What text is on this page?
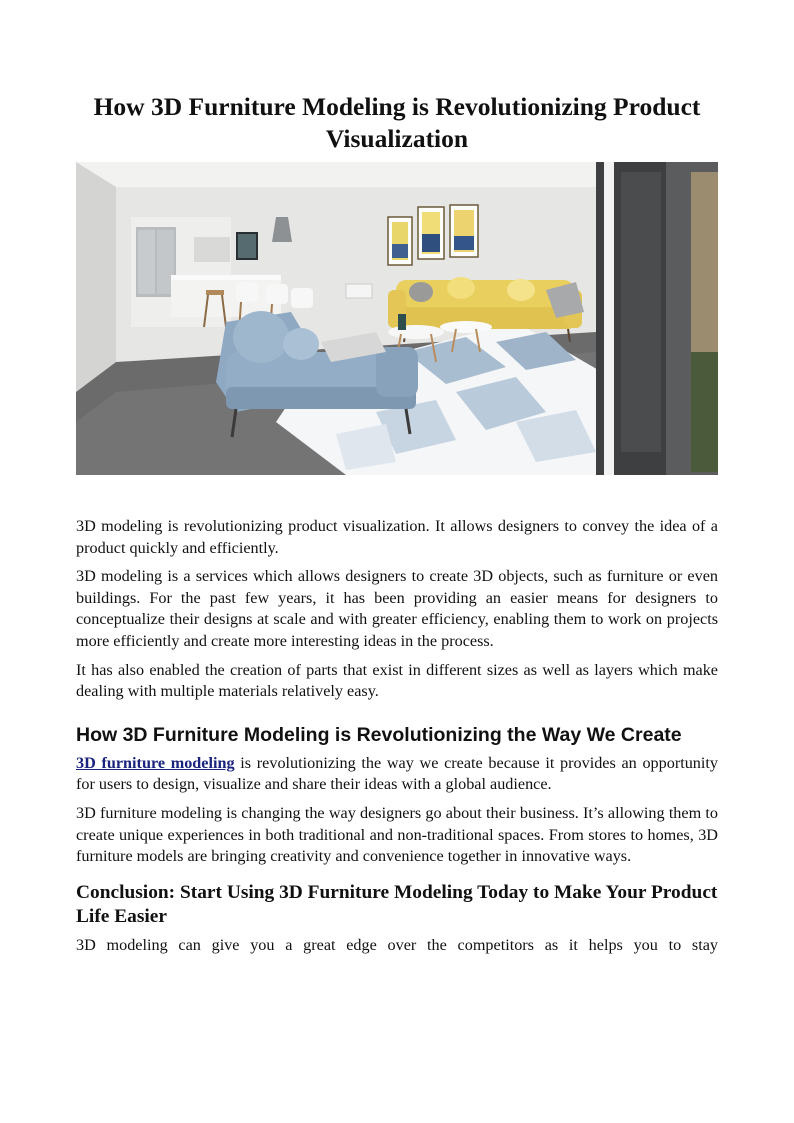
How 3D Furniture Modeling is Revolutionizing Product Visualization

3D modeling is revolutionizing product visualization. It allows designers to convey the idea of a product quickly and efficiently.

3D modeling is a services which allows designers to create 3D objects, such as furniture or even buildings. For the past few years, it has been providing an easier means for designers to conceptualize their designs at scale and with greater efficiency, enabling them to work on projects more efficiently and create more interesting ideas in the process.

It has also enabled the creation of parts that exist in different sizes as well as layers which make dealing with multiple materials relatively easy.

How 3D Furniture Modeling is Revolutionizing the Way We Create

3D furniture modeling is revolutionizing the way we create because it provides an opportunity for users to design, visualize and share their ideas with a global audience.

3D furniture modeling is changing the way designers go about their business. It’s allowing them to create unique experiences in both traditional and non-traditional spaces. From stores to homes, 3D furniture models are bringing creativity and convenience together in innovative ways.

Conclusion: Start Using 3D Furniture Modeling Today to Make Your Product Life Easier

3D modeling can give you a great edge over the competitors as it helps you to stay
